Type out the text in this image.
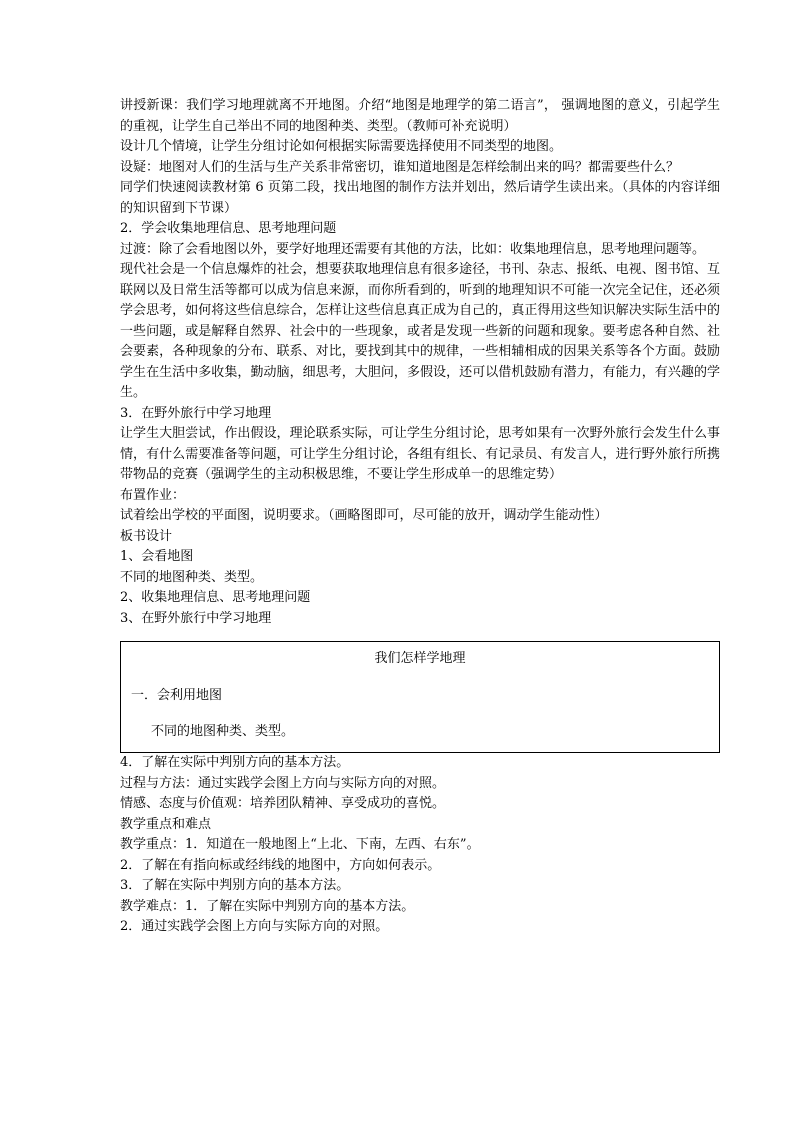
讲授新课：我们学习地理就离不开地图。介绍“地图是地理学的第二语言”， 强调地图的意义，引起学生的重视，让学生自己举出不同的地图种类、类型。（教师可补充说明）

设计几个情境，让学生分组讨论如何根据实际需要选择使用不同类型的地图。

设疑：地图对人们的生活与生产关系非常密切，谁知道地图是怎样绘制出来的吗？都需要些什么？

同学们快速阅读教材第 6 页第二段，找出地图的制作方法并划出，然后请学生读出来。（具体的内容详细的知识留到下节课）

2．学会收集地理信息、思考地理问题

过渡：除了会看地图以外，要学好地理还需要有其他的方法，比如：收集地理信息，思考地理问题等。

现代社会是一个信息爆炸的社会，想要获取地理信息有很多途径，书刊、杂志、报纸、电视、图书馆、互联网以及日常生活等都可以成为信息来源，而你所看到的，听到的地理知识不可能一次完全记住，还必须学会思考，如何将这些信息综合，怎样让这些信息真正成为自己的，真正得用这些知识解决实际生活中的一些问题，或是解释自然界、社会中的一些现象，或者是发现一些新的问题和现象。要考虑各种自然、社会要素，各种现象的分布、联系、对比，要找到其中的规律，一些相辅相成的因果关系等各个方面。鼓励学生在生活中多收集，勤动脑，细思考，大胆问，多假设，还可以借机鼓励有潜力，有能力，有兴趣的学生。

3．在野外旅行中学习地理

让学生大胆尝试，作出假设，理论联系实际，可让学生分组讨论，思考如果有一次野外旅行会发生什么事情，有什么需要准备等问题，可让学生分组讨论，各组有组长、有记录员、有发言人，进行野外旅行所携带物品的竞赛（强调学生的主动积极思维，不要让学生形成单一的思维定势）

布置作业：

试着绘出学校的平面图，说明要求。（画略图即可，尽可能的放开，调动学生能动性）

板书设计

1、会看地图

不同的地图种类、类型。

2、收集地理信息、思考地理问题

3、在野外旅行中学习地理

我们怎样学地理
一．会利用地图
不同的地图种类、类型。

4．了解在实际中判别方向的基本方法。

过程与方法：通过实践学会图上方向与实际方向的对照。

情感、态度与价值观：培养团队精神、享受成功的喜悦。

教学重点和难点

教学重点：1．知道在一般地图上“上北、下南，左西、右东”。

2．了解在有指向标或经纬线的地图中，方向如何表示。

3．了解在实际中判别方向的基本方法。

教学难点：1．了解在实际中判别方向的基本方法。

2．通过实践学会图上方向与实际方向的对照。
